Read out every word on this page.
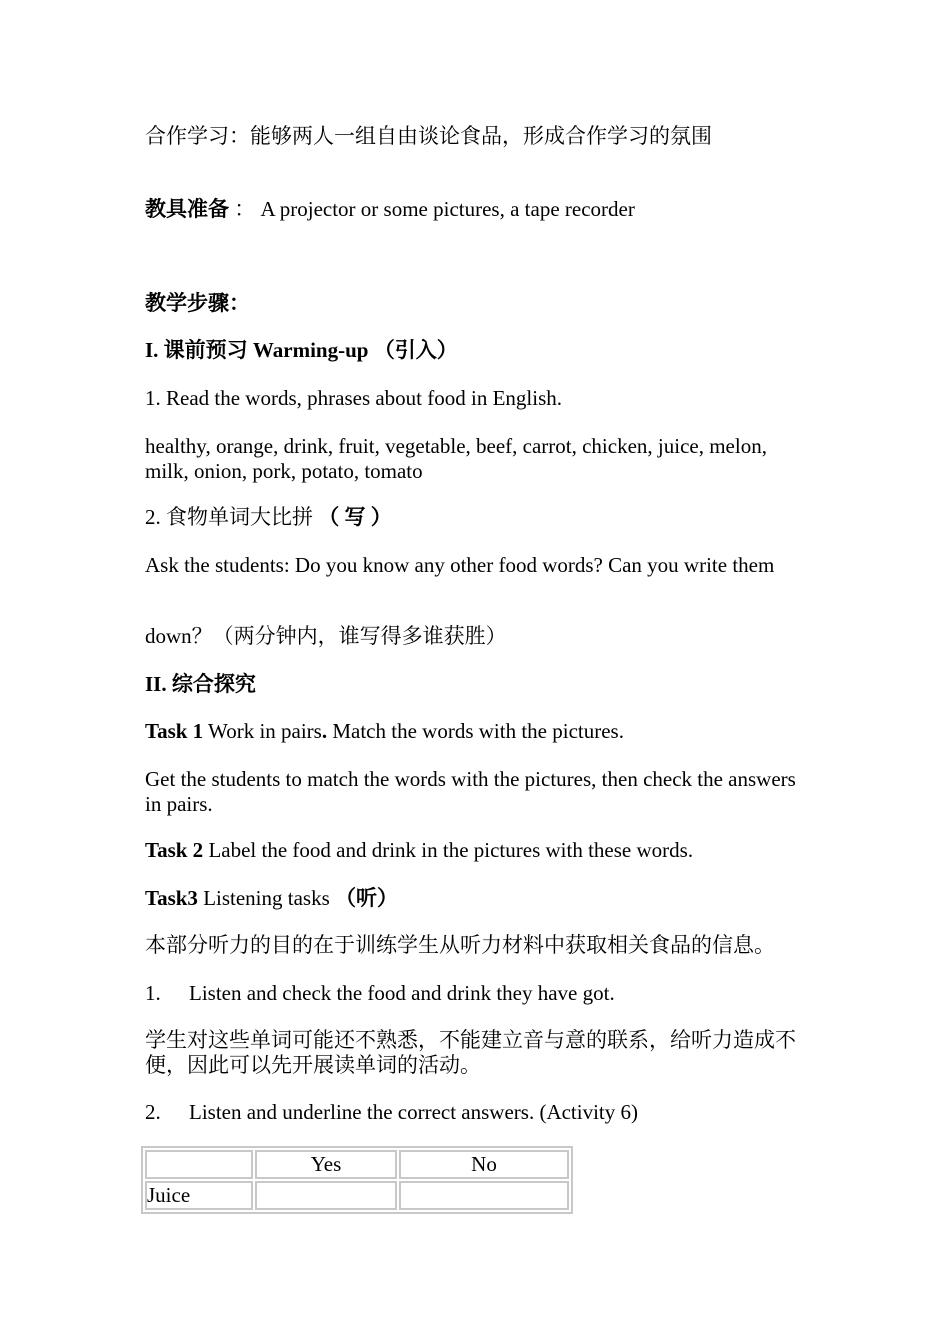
合作学习：能够两人一组自由谈论食品，形成合作学习的氛围
教具准备 ： A projector or some pictures, a tape recorder
教学步骤：
I. 课前预习 Warming-up （引入）
1. Read the words, phrases about food in English.
healthy, orange, drink, fruit, vegetable, beef, carrot, chicken, juice, melon, milk, onion, pork, potato, tomato
2. 食物单词大比拼 （ 写 ）
Ask the students: Do you know any other food words? Can you write them
down？（两分钟内，谁写得多谁获胜）
II. 综合探究
Task 1 Work in pairs. Match the words with the pictures.
Get the students to match the words with the pictures, then check the answers in pairs.
Task 2 Label the food and drink in the pictures with these words.
Task3 Listening tasks （听）
本部分听力的目的在于训练学生从听力材料中获取相关食品的信息。
1. Listen and check the food and drink they have got.
学生对这些单词可能还不熟悉，不能建立音与意的联系，给听力造成不便，因此可以先开展读单词的活动。
2. Listen and underline the correct answers. (Activity 6)
	Yes	No
Juice		
